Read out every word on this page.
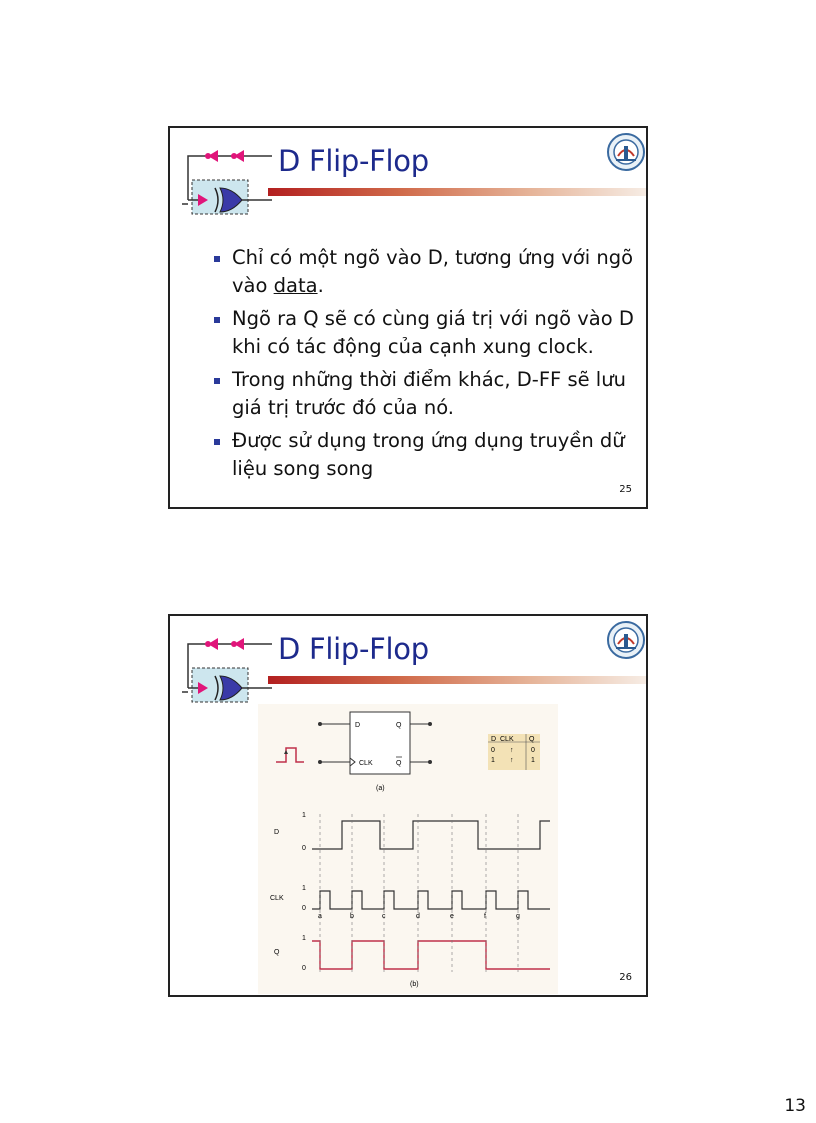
D Flip-Flop
Chỉ có một ngõ vào D, tương ứng với ngõ vào data.
Ngõ ra Q sẽ có cùng giá trị với ngõ vào D khi có tác động của cạnh xung clock.
Trong những thời điểm khác, D-FF sẽ lưu giá trị trước đó của nó.
Được sử dụng trong ứng dụng truyền dữ liệu song song
25
D Flip-Flop
D	Q
CLK	Q
(a)
D CLK Q
0 ↑	0
1 ↑	1
D
1
0
CLK
1
0
Q
1
0
a	b	c	d	e	f	g
(b)
26
13
